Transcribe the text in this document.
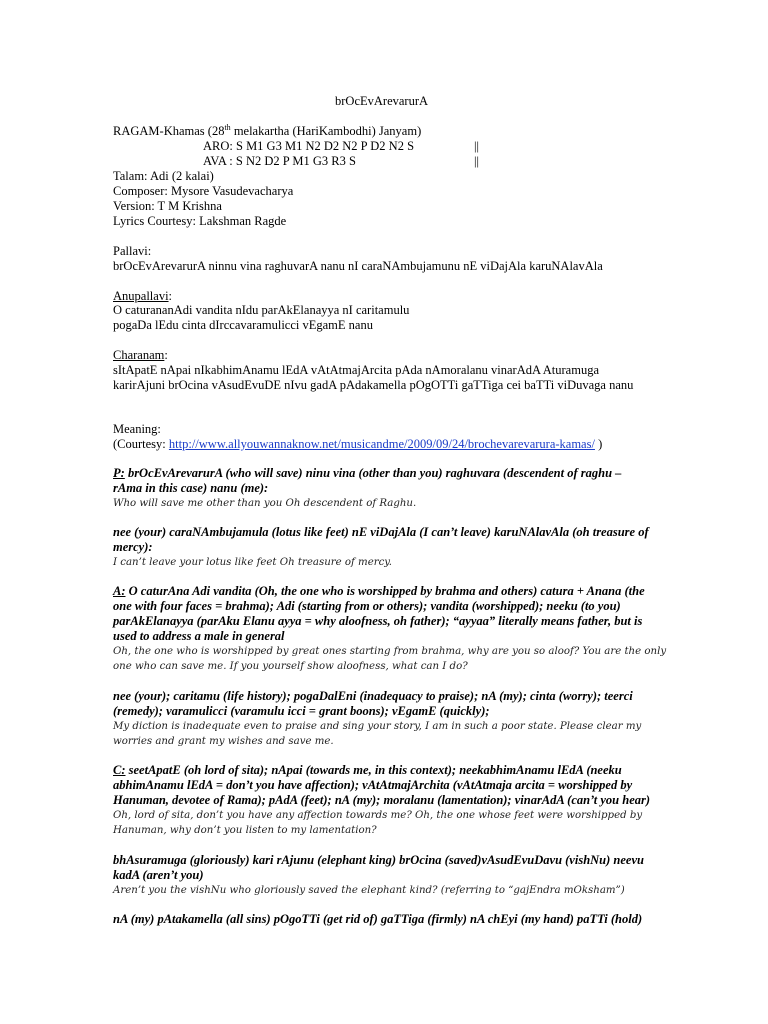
brOcEvArevarurA
RAGAM-Khamas (28th melakartha (HariKambodhi) Janyam)
ARO: S M1 G3 M1 N2 D2 N2 P D2 N2 S	||
AVA : S N2 D2 P M1 G3 R3 S	||
Talam: Adi (2 kalai)
Composer: Mysore Vasudevacharya
Version: T M Krishna
Lyrics Courtesy: Lakshman Ragde
Pallavi:
brOcEvArevarurA ninnu vina raghuvarA nanu nI caraNAmbujamunu nE viDajAla karuNAlavAla
Anupallavi:
O caturananAdi vandita nIdu parAkElanayya nI caritamulu
pogaDa lEdu cinta dIrccavaramulicci vEgamE nanu
Charanam:
sItApatE nApai nIkabhimAnamu lEdA vAtAtmajArcita pAda nAmoralanu vinarAdA Aturamuga
karirAjuni brOcina vAsudEvuDE nIvu gadA pAdakamella pOgOTTi gaTTiga cei baTTi viDuvaga nanu
Meaning:
(Courtesy: http://www.allyouwannaknow.net/musicandme/2009/09/24/brochevarevarura-kamas/ )
P: brOcEvArevarurA (who will save) ninu vina (other than you) raghuvara (descendent of raghu –
rAma in this case) nanu (me):
Who will save me other than you Oh descendent of Raghu.
nee (your) caraNAmbujamula (lotus like feet) nE viDajAla (I can’t leave) karuNAlavAla (oh treasure of
mercy):
I can’t leave your lotus like feet Oh treasure of mercy.
A: O caturAna Adi vandita (Oh, the one who is worshipped by brahma and others) catura + Anana (the
one with four faces = brahma); Adi (starting from or others); vandita (worshipped); neeku (to you)
parAkElanayya (parAku Elanu ayya = why aloofness, oh father); “ayyaa” literally means father, but is
used to address a male in general
Oh, the one who is worshipped by great ones starting from brahma, why are you so aloof? You are the only
one who can save me. If you yourself show aloofness, what can I do?
nee (your); caritamu (life history); pogaDalEni (inadequacy to praise); nA (my); cinta (worry); teerci
(remedy); varamulicci (varamulu icci = grant boons); vEgamE (quickly);
My diction is inadequate even to praise and sing your story, I am in such a poor state. Please clear my
worries and grant my wishes and save me.
C: seetApatE (oh lord of sita); nApai (towards me, in this context); neekabhimAnamu lEdA (neeku
abhimAnamu lEdA = don’t you have affection); vAtAtmajArchita (vAtAtmaja arcita = worshipped by
Hanuman, devotee of Rama); pAdA (feet); nA (my); moralanu (lamentation); vinarAdA (can’t you hear)
Oh, lord of sita, don’t you have any affection towards me? Oh, the one whose feet were worshipped by
Hanuman, why don’t you listen to my lamentation?
bhAsuramuga (gloriously) kari rAjunu (elephant king) brOcina (saved)vAsudEvuDavu (vishNu) neevu
kadA (aren’t you)
Aren’t you the vishNu who gloriously saved the elephant kind? (referring to “gajEndra mOksham”)
nA (my) pAtakamella (all sins) pOgoTTi (get rid of) gaTTiga (firmly) nA chEyi (my hand) paTTi (hold)
